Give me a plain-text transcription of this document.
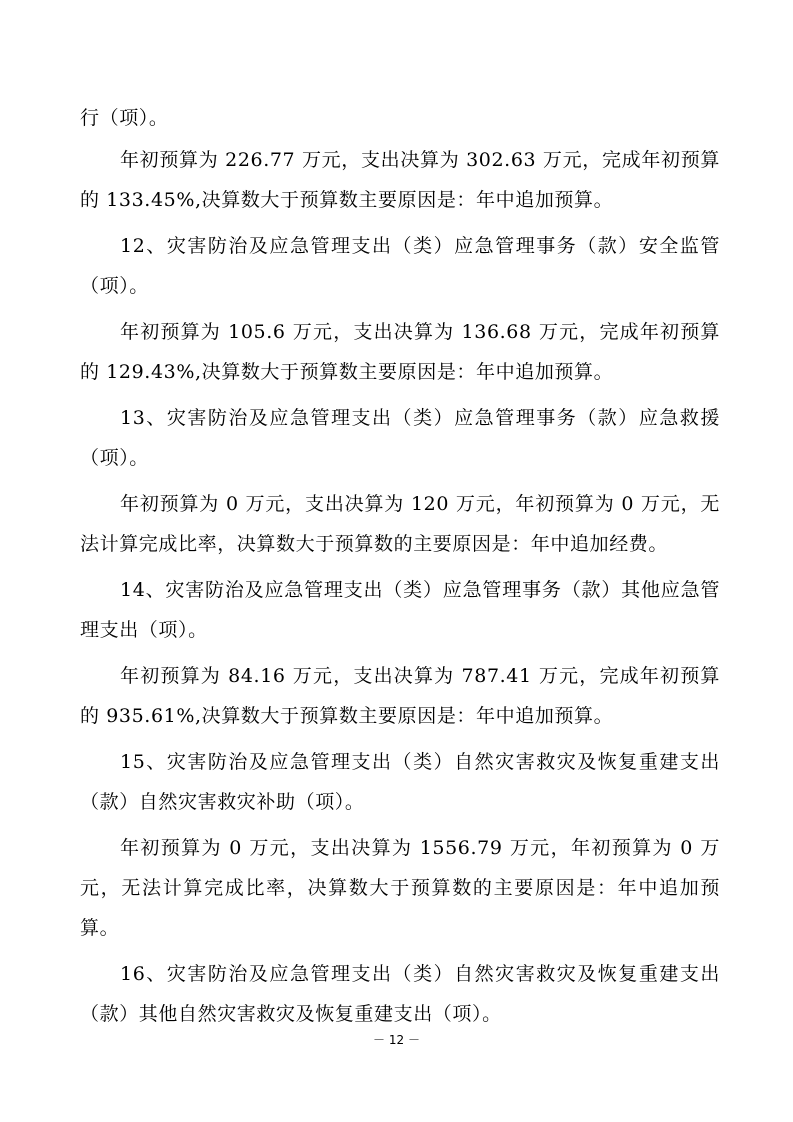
行（项）。

年初预算为 226.77 万元，支出决算为 302.63 万元，完成年初预算的 133.45%,决算数大于预算数主要原因是：年中追加预算。

12、灾害防治及应急管理支出（类）应急管理事务（款）安全监管（项）。

年初预算为 105.6 万元，支出决算为 136.68 万元，完成年初预算的 129.43%,决算数大于预算数主要原因是：年中追加预算。

13、灾害防治及应急管理支出（类）应急管理事务（款）应急救援（项）。

年初预算为 0 万元，支出决算为 120 万元，年初预算为 0 万元，无法计算完成比率，决算数大于预算数的主要原因是：年中追加经费。

14、灾害防治及应急管理支出（类）应急管理事务（款）其他应急管理支出（项）。

年初预算为 84.16 万元，支出决算为 787.41 万元，完成年初预算的 935.61%,决算数大于预算数主要原因是：年中追加预算。

15、灾害防治及应急管理支出（类）自然灾害救灾及恢复重建支出（款）自然灾害救灾补助（项）。

年初预算为 0 万元，支出决算为 1556.79 万元，年初预算为 0 万元，无法计算完成比率，决算数大于预算数的主要原因是：年中追加预算。

16、灾害防治及应急管理支出（类）自然灾害救灾及恢复重建支出（款）其他自然灾害救灾及恢复重建支出（项）。

－ 12 －
